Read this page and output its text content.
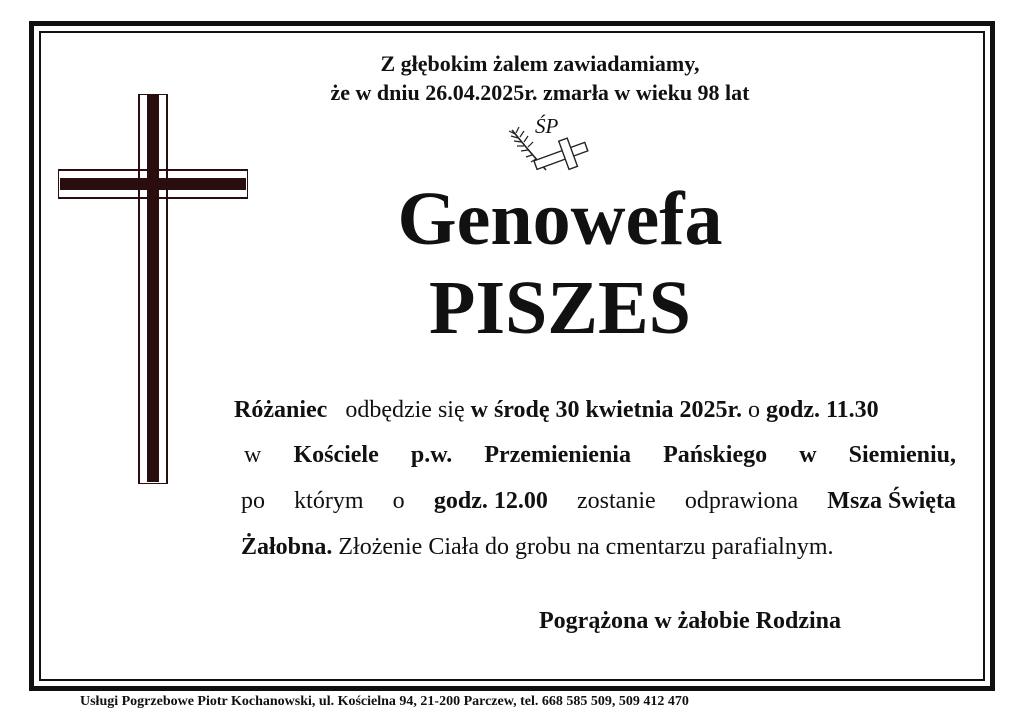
Z głębokim żalem zawiadamiamy,
że w dniu 26.04.2025r. zmarła w wieku 98 lat
ŚP
Genowefa
PISZES
Różaniec odbędzie się w środę 30 kwietnia 2025r. o godz. 11.30
w Kościele p.w. Przemienienia Pańskiego w Siemieniu,
po którym o godz. 12.00 zostanie odprawiona Msza Święta
Żałobna. Złożenie Ciała do grobu na cmentarzu parafialnym.
Pogrążona w żałobie Rodzina
Usługi Pogrzebowe Piotr Kochanowski, ul. Kościelna 94, 21-200 Parczew, tel. 668 585 509, 509 412 470
